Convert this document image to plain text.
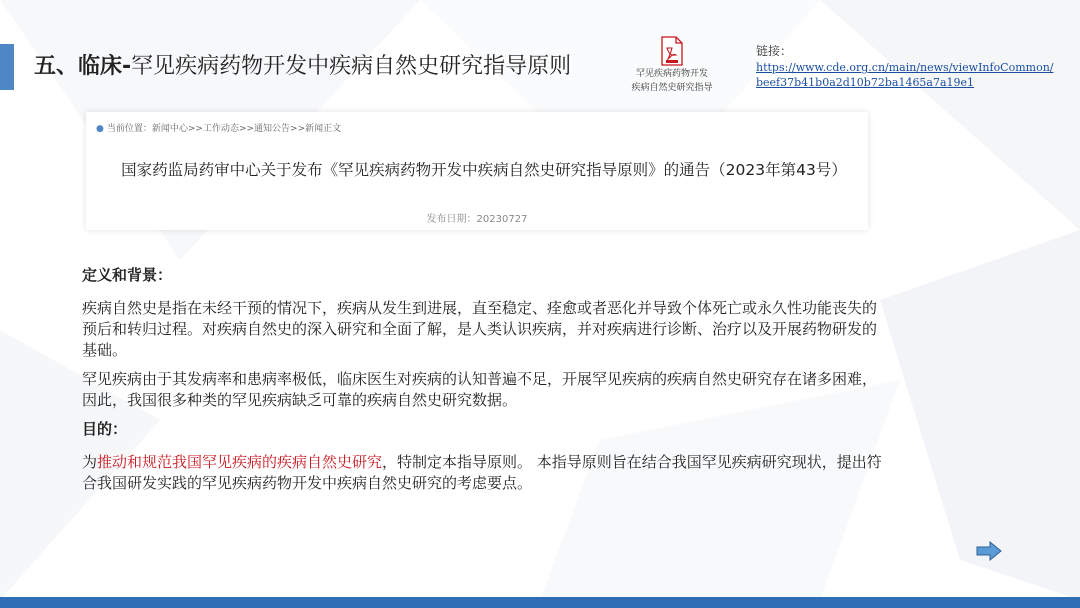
五、临床-罕见疾病药物开发中疾病自然史研究指导原则	罕见疾病药物开发
疾病自然史研究指导
链接：
https://www.cde.org.cn/main/news/viewInfoCommon/beef37b41b0a2d10b72ba1465a7a19e1
● 当前位置：新闻中心>>工作动态>>通知公告>>新闻正文
国家药监局药审中心关于发布《罕见疾病药物开发中疾病自然史研究指导原则》的通告（2023年第43号）
发布日期：20230727

定义和背景：

疾病自然史是指在未经干预的情况下，疾病从发生到进展，直至稳定、痊愈或者恶化并导致个体死亡或永久性功能丧失的预后和转归过程。对疾病自然史的深入研究和全面了解，是人类认识疾病，并对疾病进行诊断、治疗以及开展药物研发的基础。

罕见疾病由于其发病率和患病率极低，临床医生对疾病的认知普遍不足，开展罕见疾病的疾病自然史研究存在诸多困难，因此，我国很多种类的罕见疾病缺乏可靠的疾病自然史研究数据。

目的：

为推动和规范我国罕见疾病的疾病自然史研究，特制定本指导原则。 本指导原则旨在结合我国罕见疾病研究现状，提出符合我国研发实践的罕见疾病药物开发中疾病自然史研究的考虑要点。
